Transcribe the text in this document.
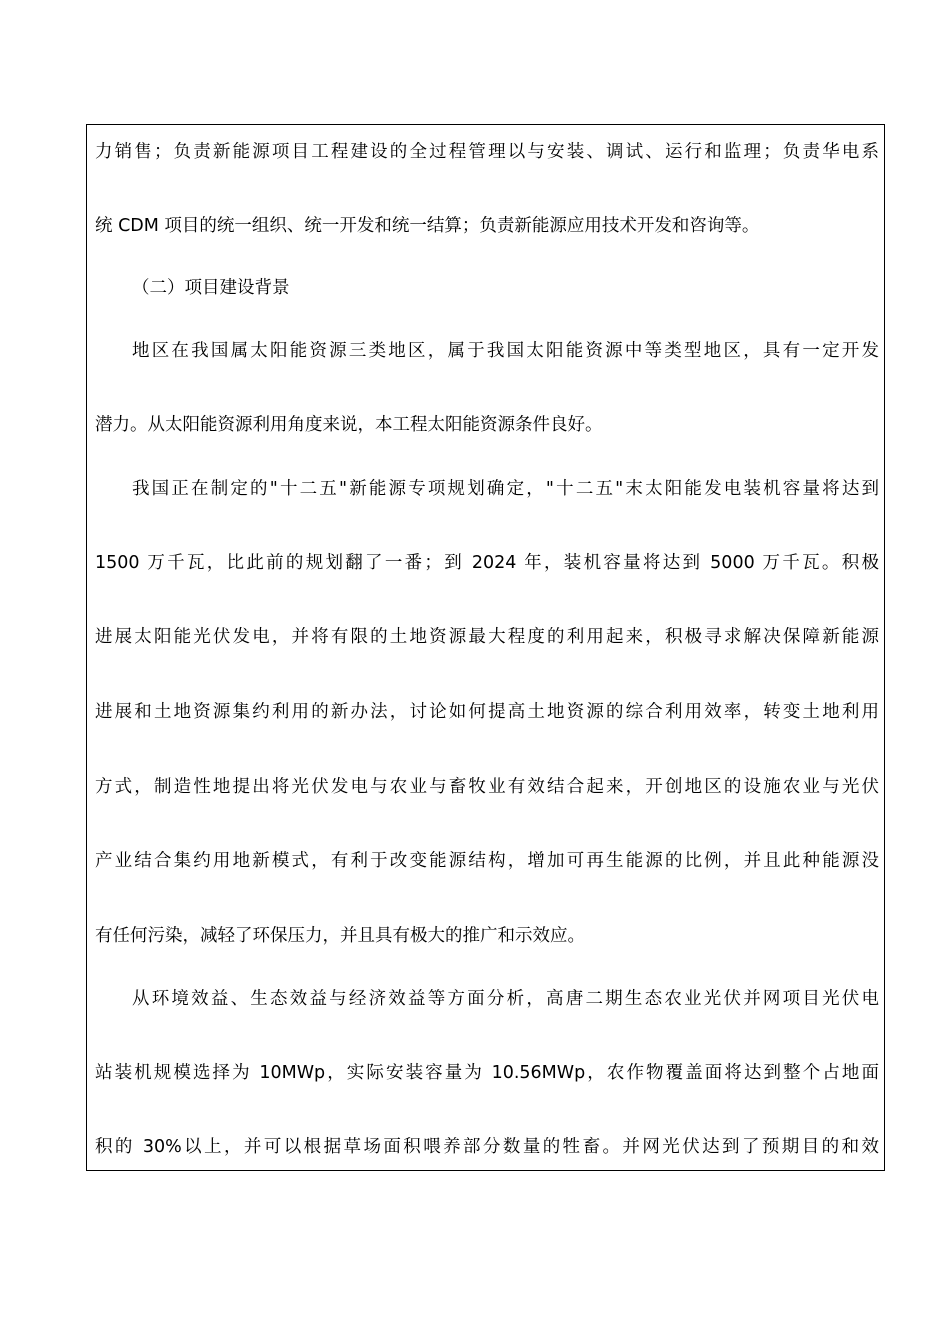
力销售；负责新能源项目工程建设的全过程管理以与安装、调试、运行和监理；负责华电系
统 CDM 项目的统一组织、统一开发和统一结算；负责新能源应用技术开发和咨询等。
（二）项目建设背景
地区在我国属太阳能资源三类地区，属于我国太阳能资源中等类型地区，具有一定开发
潜力。从太阳能资源利用角度来说，本工程太阳能资源条件良好。
我国正在制定的"十二五"新能源专项规划确定，"十二五"末太阳能发电装机容量将达到
1500 万千瓦，比此前的规划翻了一番；到 2024 年，装机容量将达到 5000 万千瓦。积极
进展太阳能光伏发电，并将有限的土地资源最大程度的利用起来，积极寻求解决保障新能源
进展和土地资源集约利用的新办法，讨论如何提高土地资源的综合利用效率，转变土地利用
方式，制造性地提出将光伏发电与农业与畜牧业有效结合起来，开创地区的设施农业与光伏
产业结合集约用地新模式，有利于改变能源结构，增加可再生能源的比例，并且此种能源没
有任何污染，减轻了环保压力，并且具有极大的推广和示效应。
从环境效益、生态效益与经济效益等方面分析，高唐二期生态农业光伏并网项目光伏电
站装机规模选择为 10MWp，实际安装容量为 10.56MWp，农作物覆盖面将达到整个占地面
积的 30%以上，并可以根据草场面积喂养部分数量的牲畜。并网光伏达到了预期目的和效
